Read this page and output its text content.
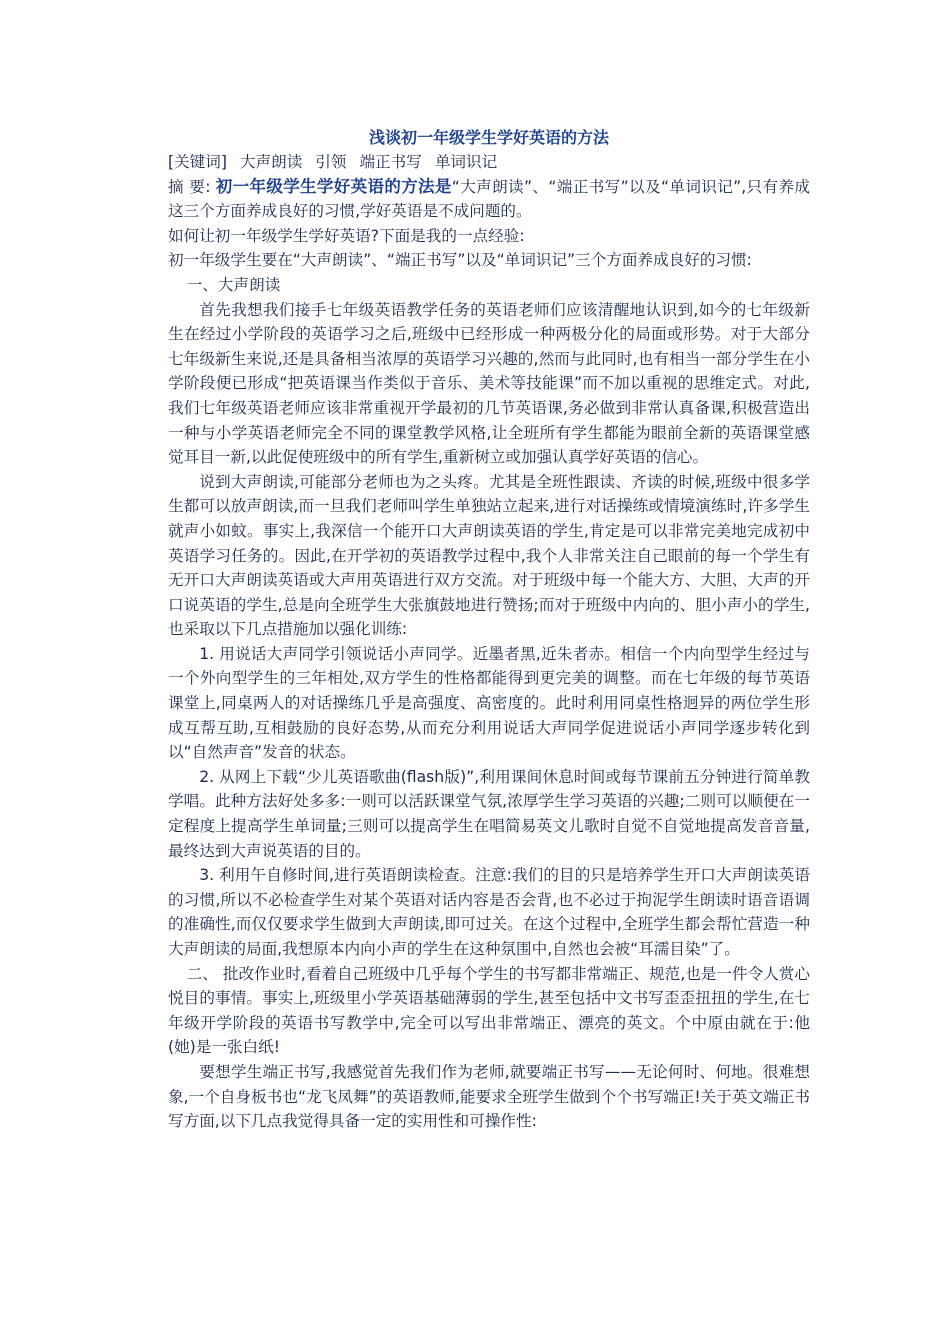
浅谈初一年级学生学好英语的方法

[关键词] 大声朗读 引领 端正书写 单词识记

摘 要: 初一年级学生学好英语的方法是“大声朗读”、“端正书写”以及“单词识记”,只有养成这三个方面养成良好的习惯,学好英语是不成问题的。

如何让初一年级学生学好英语?下面是我的一点经验:

初一年级学生要在“大声朗读”、“端正书写”以及“单词识记”三个方面养成良好的习惯:

一、大声朗读

首先我想我们接手七年级英语教学任务的英语老师们应该清醒地认识到,如今的七年级新生在经过小学阶段的英语学习之后,班级中已经形成一种两极分化的局面或形势。对于大部分七年级新生来说,还是具备相当浓厚的英语学习兴趣的,然而与此同时,也有相当一部分学生在小学阶段便已形成“把英语课当作类似于音乐、美术等技能课”而不加以重视的思维定式。对此,我们七年级英语老师应该非常重视开学最初的几节英语课,务必做到非常认真备课,积极营造出一种与小学英语老师完全不同的课堂教学风格,让全班所有学生都能为眼前全新的英语课堂感觉耳目一新,以此促使班级中的所有学生,重新树立或加强认真学好英语的信心。

说到大声朗读,可能部分老师也为之头疼。尤其是全班性跟读、齐读的时候,班级中很多学生都可以放声朗读,而一旦我们老师叫学生单独站立起来,进行对话操练或情境演练时,许多学生就声小如蚊。事实上,我深信一个能开口大声朗读英语的学生,肯定是可以非常完美地完成初中英语学习任务的。因此,在开学初的英语教学过程中,我个人非常关注自己眼前的每一个学生有无开口大声朗读英语或大声用英语进行双方交流。对于班级中每一个能大方、大胆、大声的开口说英语的学生,总是向全班学生大张旗鼓地进行赞扬;而对于班级中内向的、胆小声小的学生,也采取以下几点措施加以强化训练:

1. 用说话大声同学引领说话小声同学。近墨者黑,近朱者赤。相信一个内向型学生经过与一个外向型学生的三年相处,双方学生的性格都能得到更完美的调整。而在七年级的每节英语课堂上,同桌两人的对话操练几乎是高强度、高密度的。此时利用同桌性格迥异的两位学生形成互帮互助,互相鼓励的良好态势,从而充分利用说话大声同学促进说话小声同学逐步转化到以“自然声音”发音的状态。

2. 从网上下载“少儿英语歌曲(flash版)”,利用课间休息时间或每节课前五分钟进行简单教学唱。此种方法好处多多:一则可以活跃课堂气氛,浓厚学生学习英语的兴趣;二则可以顺便在一定程度上提高学生单词量;三则可以提高学生在唱简易英文儿歌时自觉不自觉地提高发音音量,最终达到大声说英语的目的。

3. 利用午自修时间,进行英语朗读检查。注意:我们的目的只是培养学生开口大声朗读英语的习惯,所以不必检查学生对某个英语对话内容是否会背,也不必过于拘泥学生朗读时语音语调的准确性,而仅仅要求学生做到大声朗读,即可过关。在这个过程中,全班学生都会帮忙营造一种大声朗读的局面,我想原本内向小声的学生在这种氛围中,自然也会被“耳濡目染”了。

二、 批改作业时,看着自己班级中几乎每个学生的书写都非常端正、规范,也是一件令人赏心悦目的事情。事实上,班级里小学英语基础薄弱的学生,甚至包括中文书写歪歪扭扭的学生,在七年级开学阶段的英语书写教学中,完全可以写出非常端正、漂亮的英文。个中原由就在于:他(她)是一张白纸!

要想学生端正书写,我感觉首先我们作为老师,就要端正书写——无论何时、何地。很难想象,一个自身板书也“龙飞凤舞”的英语教师,能要求全班学生做到个个书写端正!关于英文端正书写方面,以下几点我觉得具备一定的实用性和可操作性:
